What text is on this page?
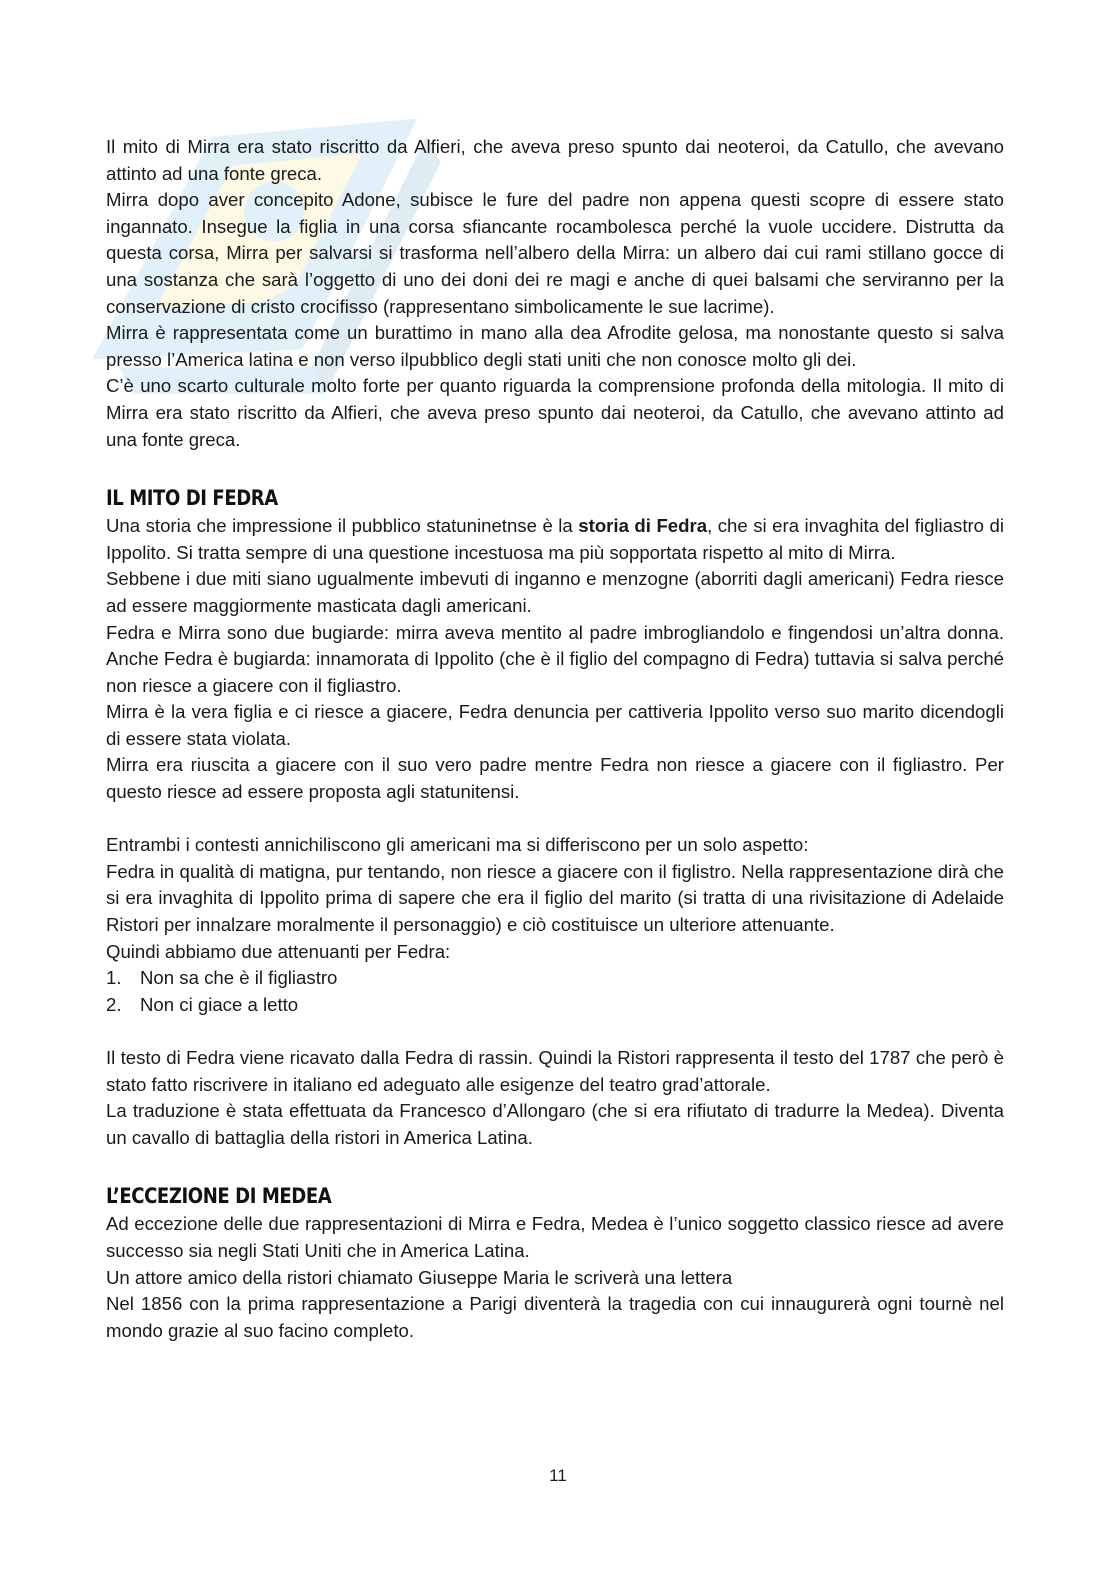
Il mito di Mirra era stato riscritto da Alfieri, che aveva preso spunto dai neoteroi, da Catullo, che avevano attinto ad una fonte greca.

Mirra dopo aver concepito Adone, subisce le fure del padre non appena questi scopre di essere stato ingannato. Insegue la figlia in una corsa sfiancante rocambolesca perché la vuole uccidere. Distrutta da questa corsa, Mirra per salvarsi si trasforma nell’albero della Mirra: un albero dai cui rami stillano gocce di una sostanza che sarà l’oggetto di uno dei doni dei re magi e anche di quei balsami che serviranno per la conservazione di cristo crocifisso (rappresentano simbolicamente le sue lacrime).

Mirra è rappresentata come un burattimo in mano alla dea Afrodite gelosa, ma nonostante questo si salva presso l’America latina e non verso ilpubblico degli stati uniti che non conosce molto gli dei.

C’è uno scarto culturale molto forte per quanto riguarda la comprensione profonda della mitologia. Il mito di Mirra era stato riscritto da Alfieri, che aveva preso spunto dai neoteroi, da Catullo, che avevano attinto ad una fonte greca.

IL MITO DI FEDRA

Una storia che impressione il pubblico statuninetnse è la storia di Fedra, che si era invaghita del figliastro di Ippolito. Si tratta sempre di una questione incestuosa ma più sopportata rispetto al mito di Mirra.

Sebbene i due miti siano ugualmente imbevuti di inganno e menzogne (aborriti dagli americani) Fedra riesce ad essere maggiormente masticata dagli americani.

Fedra e Mirra sono due bugiarde: mirra aveva mentito al padre imbrogliandolo e fingendosi un’altra donna. Anche Fedra è bugiarda: innamorata di Ippolito (che è il figlio del compagno di Fedra) tuttavia si salva perché non riesce a giacere con il figliastro.

Mirra è la vera figlia e ci riesce a giacere, Fedra denuncia per cattiveria Ippolito verso suo marito dicendogli di essere stata violata.

Mirra era riuscita a giacere con il suo vero padre mentre Fedra non riesce a giacere con il figliastro. Per questo riesce ad essere proposta agli statunitensi.

Entrambi i contesti annichiliscono gli americani ma si differiscono per un solo aspetto:

Fedra in qualità di matigna, pur tentando, non riesce a giacere con il figlistro. Nella rappresentazione dirà che si era invaghita di Ippolito prima di sapere che era il figlio del marito (si tratta di una rivisitazione di Adelaide Ristori per innalzare moralmente il personaggio) e ciò costituisce un ulteriore attenuante.

Quindi abbiamo due attenuanti per Fedra:

1. Non sa che è il figliastro
2. Non ci giace a letto

Il testo di Fedra viene ricavato dalla Fedra di rassin. Quindi la Ristori rappresenta il testo del 1787 che però è stato fatto riscrivere in italiano ed adeguato alle esigenze del teatro grad’attorale.

La traduzione è stata effettuata da Francesco d’Allongaro (che si era rifiutato di tradurre la Medea). Diventa un cavallo di battaglia della ristori in America Latina.

L’ECCEZIONE DI MEDEA

Ad eccezione delle due rappresentazioni di Mirra e Fedra, Medea è l’unico soggetto classico riesce ad avere successo sia negli Stati Uniti che in America Latina.

Un attore amico della ristori chiamato Giuseppe Maria le scriverà una lettera

Nel 1856 con la prima rappresentazione a Parigi diventerà la tragedia con cui innaugurerà ogni tournè nel mondo grazie al suo facino completo.

11
